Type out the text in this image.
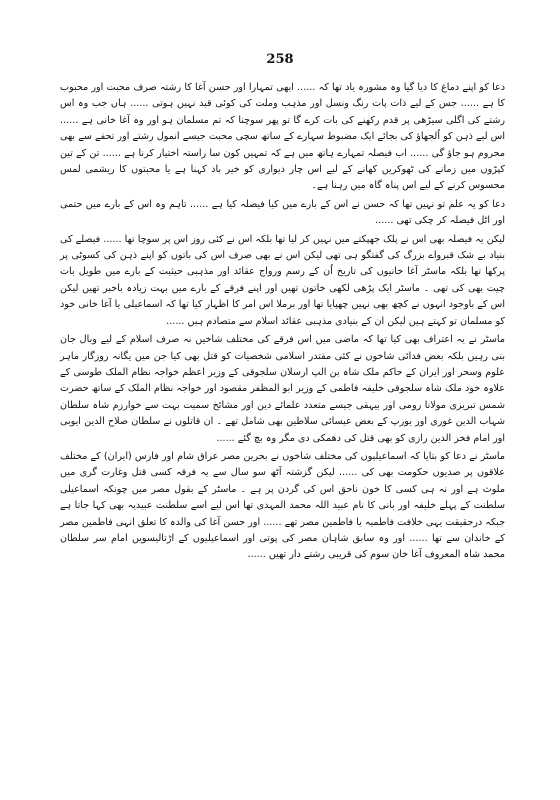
258

دعا کو اپنے دماغ کا دیا گیا وہ مشورہ یاد تھا کہ ...... ابھی تمہارا اور حسن آغا کا رشتہ صرف محبت اور محبوب کا ہے ...... جس کے لیے ذات پات رنگ ونسل اور مذہب وملت کی کوئی قید نہیں ہوتی ...... ہاں جب وہ اس رشتے کی اگلی سیڑھی پر قدم رکھنے کی بات کرے گا تو پھر سوچنا کہ تم مسلمان ہو اور وہ آغا خانی ہے ...... اس لیے ذہن کو اُلجھاؤ کی بجائے ایک مضبوط سہارے کے ساتھ سچی محبت جیسے انمول رشتے اور تحفے سے بھی محروم ہو جاؤ گی ...... اب فیصلہ تمہارے ہاتھ میں ہے کہ تمہیں کون سا راستہ اختیار کرنا ہے ...... تن کے تین کپڑوں میں زمانے کی ٹھوکریں کھانے کے لیے اس چار دیواری کو خیر باد کہنا ہے یا محبتوں کا ریشمی لمس محسوس کرنے کے لیے اس پناہ گاہ میں رہنا ہے۔

دعا کو یہ علم تو نہیں تھا کہ حسن نے اس کے بارے میں کیا فیصلہ کیا ہے ...... تاہم وہ اس کے بارے میں حتمی اور اٹل فیصلہ کر چکی تھی ......

لیکن یہ فیصلہ بھی اس نے پلک جھپکتے میں نہیں کر لیا تھا بلکہ اس نے کئی روز اس پر سوچا تھا ...... فیصلے کی بنیاد بے شک قبرواے بزرگ کی گفتگو ہی تھی لیکن اس نے بھی صرف اس کی باتوں کو اپنے ذہن کی کسوٹی پر پرکھا تھا بلکہ ماسٹر آغا خانیوں کی تاریخ اُن کے رسم ورواج عقائد اور مذہبی حیثیت کے بارے میں طویل بات چیت بھی کی تھی ۔ ماسٹر ایک پڑھی لکھی خاتون تھیں اور اپنے فرقے کے بارے میں بہت زیادہ باخبر تھیں لیکن اس کے باوجود انہوں نے کچھ بھی نہیں چھپایا تھا اور برملا اس امر کا اظہار کیا تھا کہ اسماعیلی یا آغا خانی خود کو مسلمان تو کہتے ہیں لیکن ان کے بنیادی مذہبی عقائد اسلام سے متصادم ہیں ......

ماسٹر نے یہ اعتراف بھی کیا تھا کہ ماضی میں اس فرقے کی مختلف شاخیں نہ صرف اسلام کے لیے وبال جان بنی رہیں بلکہ بعض فدائی شاخوں نے کئی مقتدر اسلامی شخصیات کو قتل بھی کیا جن میں یگانہ روزگار ماہر علوم وسحر اور ایران کے حاکم ملک شاہ بن الپ ارسلان سلجوقی کے وزیر اعظم خواجہ نظام الملک طوسی کے علاوہ خود ملک شاہ سلجوقی خلیفہ فاطمی کے وزیر ابو المظفر مقصود اور خواجہ نظام الملک کے ساتھ حضرت شمس تبریزی مولانا رومی اور بیہقی جیسے متعدد علمائے دین اور مشائخ سمیت بہت سے خوارزم شاہ سلطان شہاب الدین غوری اور یورپ کے بعض عیسائی سلاطین بھی شامل تھے ۔ ان قاتلوں نے سلطان صلاح الدین ایوبی اور امام فخر الدین رازی کو بھی قتل کی دھمکی دی مگر وہ بچ گئے ......

ماسٹر نے دعا کو بتایا کہ اسماعیلیوں کی مختلف شاخوں نے بحرین مصر عراق شام اور فارس (ایران) کے مختلف علاقوں پر صدیوں حکومت بھی کی ...... لیکن گزشتہ آٹھ سو سال سے یہ فرقہ کسی قتل وغارت گری میں ملوث ہے اور نہ ہی کسی کا خون ناحق اس کی گردن پر ہے ۔ ماسٹر کے بقول مصر میں چونکہ اسماعیلی سلطنت کے پہلے خلیفہ اور بانی کا نام عبید اللہ محمد المہدی تھا اس لیے اسے سلطنت عبیدیہ بھی کہا جاتا ہے جبکہ درحقیقت یہی خلافت فاطمیہ یا فاطمین مصر تھے ...... اور حسن آغا کی والدہ کا تعلق انہی فاطمین مصر کے خاندان سے تھا ...... اور وہ سابق شاہان مصر کی پوتی اور اسماعیلیوں کے اڑتالیسویں امام سر سلطان محمد شاہ المعروف آغا خان سوم کی قریبی رشتے دار تھیں ......
